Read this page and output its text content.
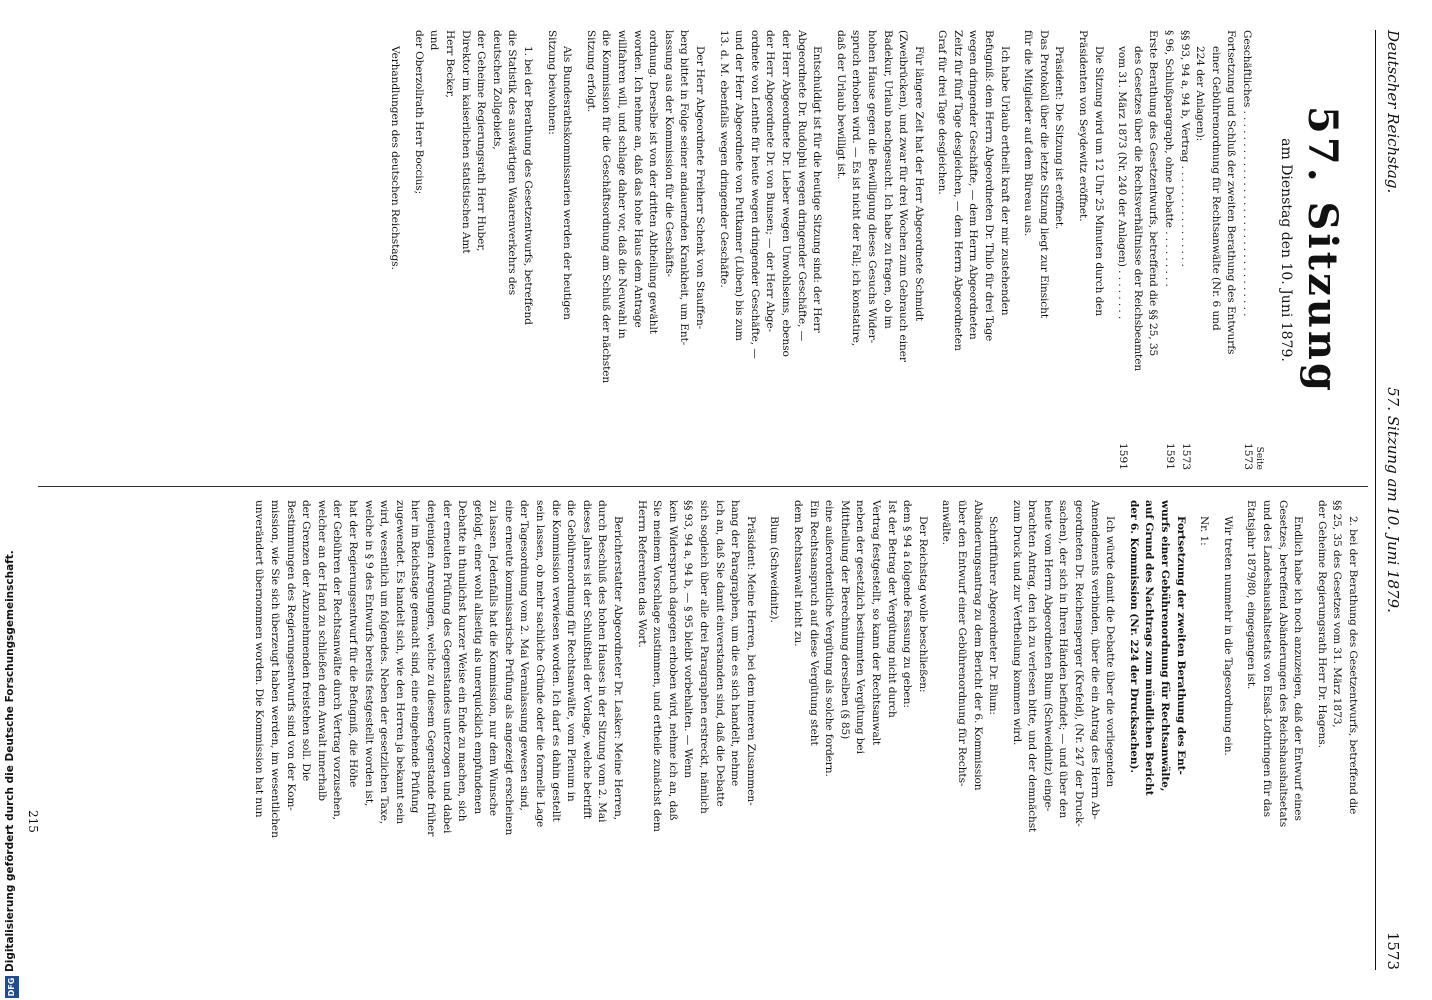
Deutscher Reichstag.
57. Sitzung am 10. Juni 1879.
1573
57. Sitzung
am Dienstag den 10. Juni 1879.
Seite
Geschäftliches . . . . . . . . . . . . . . . . . . . . . . . . . . . . . . . .
1573
Fortsetzung und Schluß der zweiten Berathung des Entwurfs
einer Gebührenordnung für Rechtsanwälte (Nr. 6 und
224 der Anlagen):
§§ 93, 94 a, 94 b, Vertrag . . . . . . . . . . . . . . . .
1573
§ 96, Schlußparagraph, ohne Debatte . . . . . . . . .
1591
Erste Berathung des Gesetzentwurfs, betreffend die §§ 25, 35
des Gesetzes über die Rechtsverhältnisse der Reichsbeamten
vom 31. März 1873 (Nr. 240 der Anlagen) . . . . . . . .
1591
Die Sitzung wird um 12 Uhr 25 Minuten durch den
Präsidenten von Seydewitz eröffnet.
Präsident: Die Sitzung ist eröffnet.
Das Protokoll über die letzte Sitzung liegt zur Einsicht
für die Mitglieder auf dem Büreau aus.
Ich habe Urlaub ertheilt kraft der mir zustehenden
Befugniß: dem Herrn Abgeordneten Dr. Thilo für drei Tage
wegen dringender Geschäfte, — dem Herrn Abgeordneten
Zeitz für fünf Tage desgleichen, — dem Herrn Abgeordneten
Graf für drei Tage desgleichen.
Für längere Zeit hat der Herr Abgeordnete Schmidt
(Zweibrücken), und zwar für drei Wochen zum Gebrauch einer
Badekur, Urlaub nachgesucht. Ich habe zu fragen, ob im
hohen Hause gegen die Bewilligung dieses Gesuchs Wider-
spruch erhoben wird. — Es ist nicht der Fall; ich konstatire,
daß der Urlaub bewilligt ist.
Entschuldigt ist für die heutige Sitzung sind: der Herr
Abgeordnete Dr. Rudolphi wegen dringender Geschäfte, —
der Herr Abgeordnete Dr. Lieber wegen Unwohlseins, ebenso
der Herr Abgeordnete Dr. von Bunsen; — der Herr Abge-
ordnete von Lenthe für heute wegen dringender Geschäfte, —
und der Herr Abgeordnete von Puttkamer (Lüben) bis zum
13. d. M. ebenfalls wegen dringender Geschäfte.
Der Herr Abgeordnete Freiherr Schenk von Stauffen-
berg bittet in Folge seiner andauernden Krankheit, um Ent-
lassung aus der Kommission für die Geschäfts-
ordnung. Derselbe ist von der dritten Abtheilung gewählt
worden. Ich nehme an, daß das hohe Haus dem Antrage
willfahren will, und schlage daher vor, daß die Neuwahl in
die Kommission für die Geschäftsordnung am Schluß der nächsten
Sitzung erfolgt.
Als Bundesrathskommissarien werden der heutigen
Sitzung beiwohnen:
1. bei der Berathung des Gesetzentwurfs, betreffend
die Statistik des auswärtigen Waarenverkehrs des
deutschen Zollgebiets,
der Geheime Regierungsrath Herr Huber,
Direktor im kaiserlichen statistischen Amt
Herr Becker,
und
der Oberzollrath Herr Boccius;
Verhandlungen des deutschen Reichstags.
2. bei der Berathung des Gesetzentwurfs, betreffend die
§§ 25, 35 des Gesetzes vom 31. März 1873,
der Geheime Regierungsrath Herr Dr. Hagens.
Endlich habe ich noch anzuzeigen, daß der Entwurf eines
Gesetzes, betreffend Abänderungen des Reichshaushaltsetats
und des Landeshaushaltsetats von Elsaß-Lothringen für das
Etatsjahr 1879/80, eingegangen ist.
Wir treten nunmehr in die Tagesordnung ein.
Nr. 1:
Fortsetzung der zweiten Berathung des Ent-
wurfs einer Gebührenordnung für Rechtsanwälte,
auf Grund des Nachtrags zum mündlichen Bericht
der 6. Kommission (Nr. 224 der Drucksachen).
Ich würde damit die Debatte über die vorliegenden
Amendements verbinden, über die ein Antrag des Herrn Ab-
geordneten Dr. Reichensperger (Krefeld), (Nr. 247 der Druck-
sachen), der sich in Ihren Händen befindet; — und über den
heute vom Herrn Abgeordneten Blum (Schweidnitz) einge-
brachten Antrag, den ich zu verlesen bitte, und der demnächst
zum Druck und zur Vertheilung kommen wird.
Schriftführer Abgeordneter Dr. Blum:
Abänderungsantrag zu dem Bericht der 6. Kommission
über den Entwurf einer Gebührenordnung für Rechts-
anwälte.
Der Reichstag wolle beschließen:
dem § 94 a folgende Fassung zu geben:
Ist der Betrag der Vergütung nicht durch
Vertrag festgestellt, so kann der Rechtsanwalt
neben der gesetzlich bestimmten Vergütung bei
Mittheilung der Berechnung derselben (§ 85)
eine außerordentliche Vergütung als solche fordern.
Ein Rechtsanspruch auf diese Vergütung steht
dem Rechtsanwalt nicht zu.
Blum (Schweidnitz).
Präsident: Meine Herren, bei dem inneren Zusammen-
hang der Paragraphen, um die es sich handelt, nehme
ich an, daß Sie damit einverstanden sind, daß die Debatte
sich sogleich über alle drei Paragraphen erstreckt, nämlich
§§ 93, 94 a, 94 b, — § 95 bleibt vorbehalten. — Wenn
kein Widerspruch dagegen erhoben wird, nehme ich an, daß
Sie meinem Vorschlage zustimmen, und ertheile zunächst dem
Herrn Referenten das Wort.
Berichterstatter Abgeordneter Dr. Lasker: Meine Herren,
durch Beschluß des hohen Hauses in der Sitzung vom 2. Mai
dieses Jahres ist der Schlußtheil der Vorlage, welche betrifft
die Gebührenordnung für Rechtsanwälte, vom Plenum in
die Kommission verwiesen worden. Ich darf es dahin gestellt
sein lassen, ob mehr sachliche Gründe oder die formelle Lage
der Tagesordnung vom 2. Mai Veranlassung gewesen sind,
eine erneute kommissarische Prüfung als angezeigt erscheinen
zu lassen. Jedenfalls hat die Kommission, nur dem Wunsche
gefolgt, einer wohl allseitig als unerquicklich empfundenen
Debatte in thunlichst kurzer Weise ein Ende zu machen, sich
der erneuten Prüfung des Gegenstandes unterzogen und dabei
denjenigen Anregungen, welche zu diesem Gegenstande früher
hier im Reichstage gemacht sind, eine eingehende Prüfung
zugewendet. Es handelt sich, wie den Herren ja bekannt sein
wird, wesentlich um folgendes. Neben der gesetzlichen Taxe,
welche in § 9 des Entwurfs bereits festgestellt worden ist,
hat der Regierungsentwurf für die Befugniß, die Höhe
der Gebühren der Rechtsanwälte durch Vertrag vorzusehen,
welcher an der Hand zu schließen dem Anwalt innerhalb
der Grenzen der Anzunehmenden freistehen soll. Die
Bestimmungen des Regierungsentwurfs sind von der Kom-
mission, wie Sie sich überzeugt haben werden, im wesentlichen
unverändert übernommen worden. Die Kommission hat nun
215
DFG
Digitalisierung gefördert durch die Deutsche Forschungsgemeinschaft.
